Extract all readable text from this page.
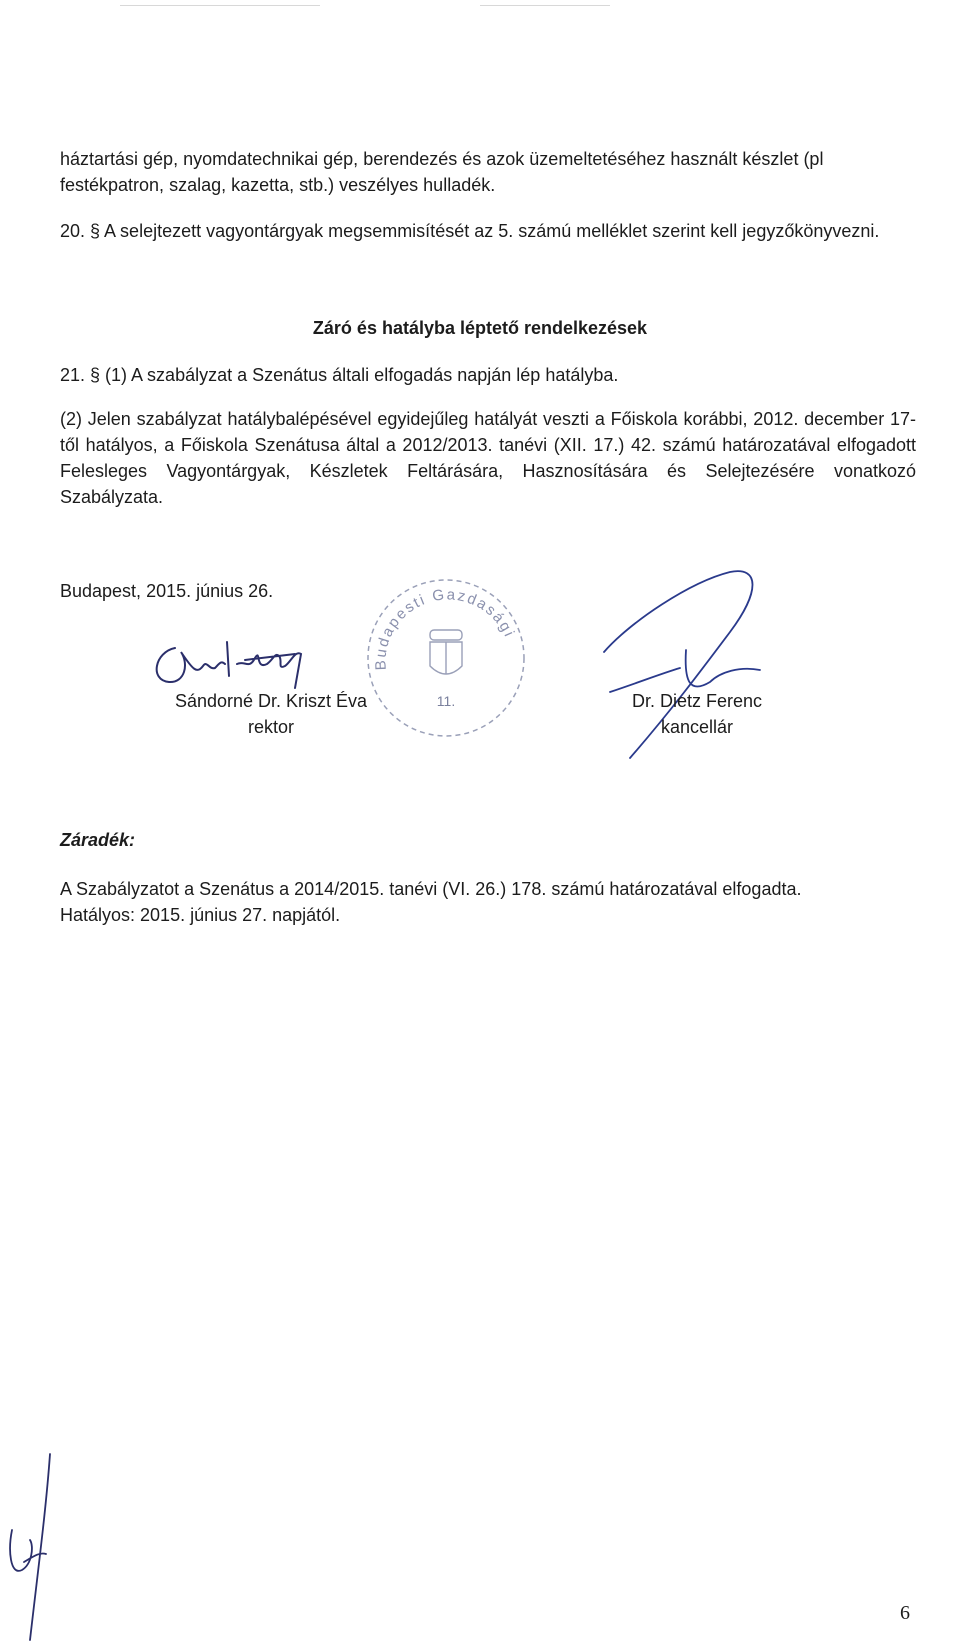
háztartási gép, nyomdatechnikai gép, berendezés és azok üzemeltetéséhez használt készlet (pl festékpatron, szalag, kazetta, stb.) veszélyes hulladék.

20. § A selejtezett vagyontárgyak megsemmisítését az 5. számú melléklet szerint kell jegyzőkönyvezni.

Záró és hatályba léptető rendelkezések

21. § (1) A szabályzat a Szenátus általi elfogadás napján lép hatályba.

(2) Jelen szabályzat hatálybalépésével egyidejűleg hatályát veszti a Főiskola korábbi, 2012. december 17-től hatályos, a Főiskola Szenátusa által a 2012/2013. tanévi (XII. 17.) 42. számú határozatával elfogadott Felesleges Vagyontárgyak, Készletek Feltárására, Hasznosítására és Selejtezésére vonatkozó Szabályzata.

Budapest, 2015. június 26.

Sándorné Dr. Kriszt Éva
rektor
Budapesti Gazdasági
11.	Dr. Dietz Ferenc
kancellár

Záradék:

A Szabályzatot a Szenátus a 2014/2015. tanévi (VI. 26.) 178. számú határozatával elfogadta.

Hatályos: 2015. június 27. napjától.

6
